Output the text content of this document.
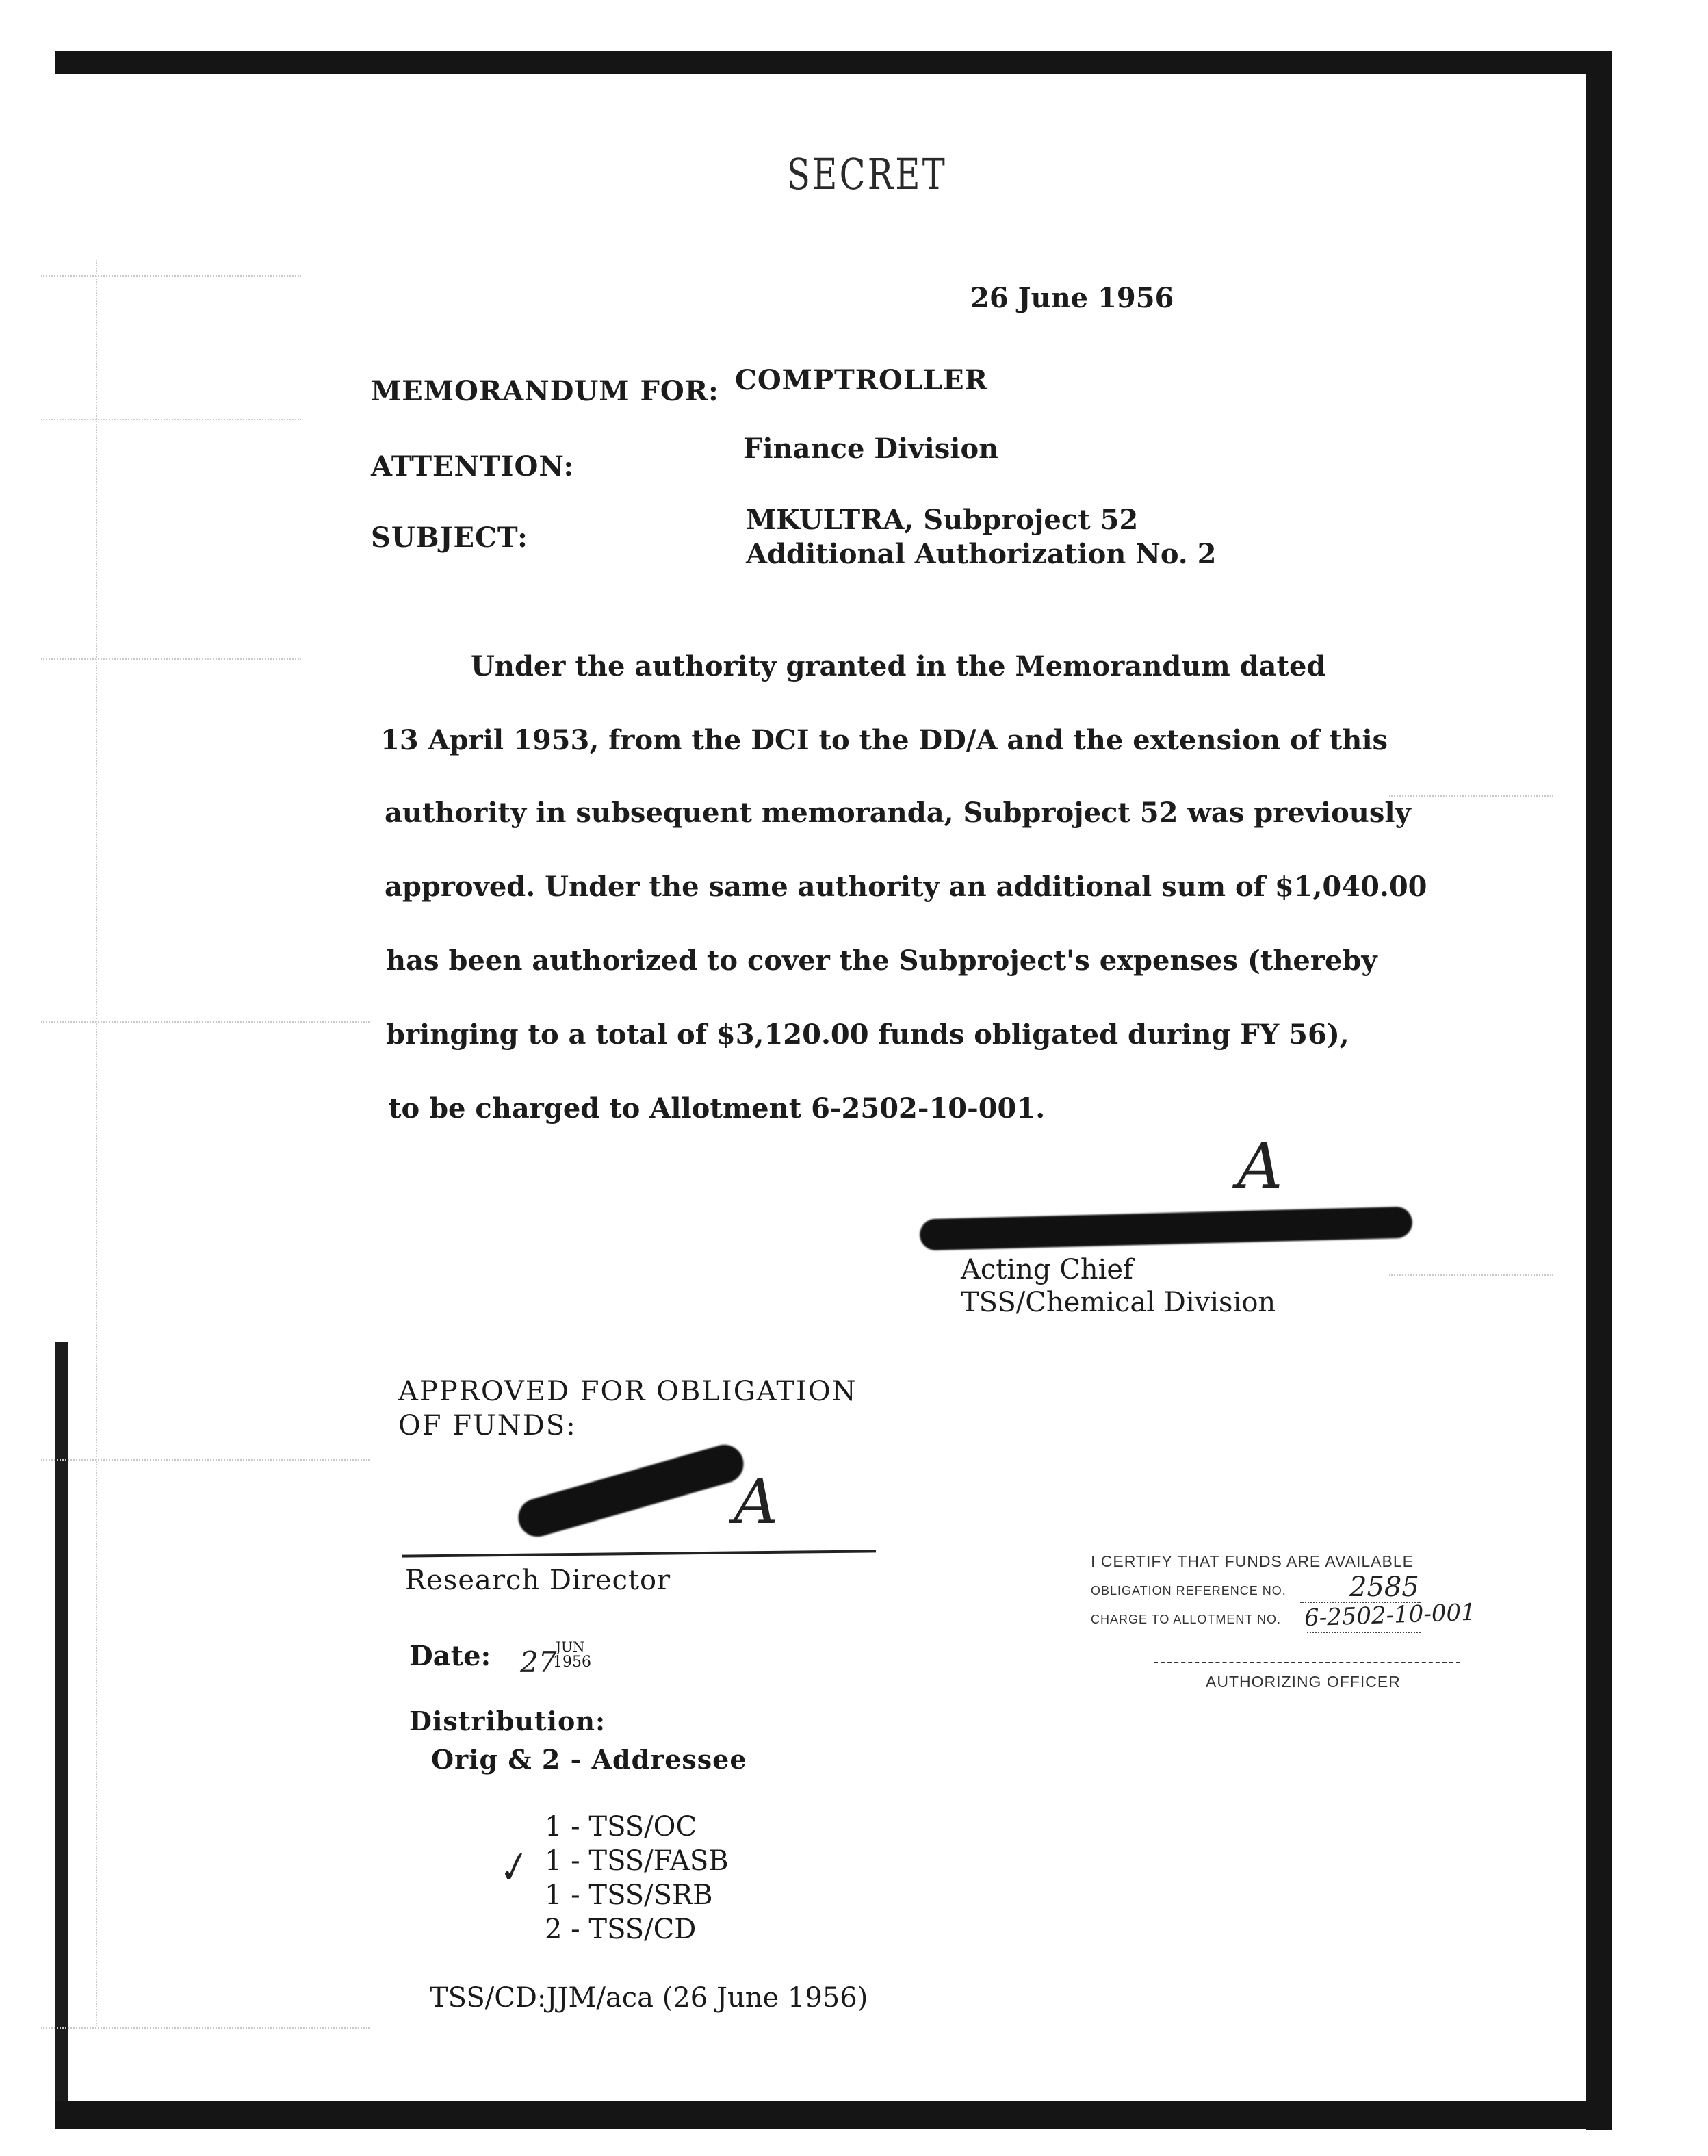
SECRET
26 June 1956
MEMORANDUM FOR: COMPTROLLER
ATTENTION:
Finance Division
SUBJECT:
MKULTRA, Subproject 52
Additional Authorization No. 2
Under the authority granted in the Memorandum dated
13 April 1953, from the DCI to the DD/A and the extension of this
authority in subsequent memoranda, Subproject 52 was previously
approved. Under the same authority an additional sum of $1,040.00
has been authorized to cover the Subproject's expenses (thereby
bringing to a total of $3,120.00 funds obligated during FY 56),
to be charged to Allotment 6-2502-10-001.
A
Acting Chief
TSS/Chemical Division
APPROVED FOR OBLIGATION
OF FUNDS:
A
Research Director
Date: 27
JUN
1956
I CERTIFY THAT FUNDS ARE AVAILABLE
OBLIGATION REFERENCE NO. 2585
CHARGE TO ALLOTMENT NO. 6-2502-10-001
AUTHORIZING OFFICER
Distribution:
Orig & 2 - Addressee
1 - TSS/OC
✓ 1 - TSS/FASB
1 - TSS/SRB
2 - TSS/CD
TSS/CD:JJM/aca (26 June 1956)
